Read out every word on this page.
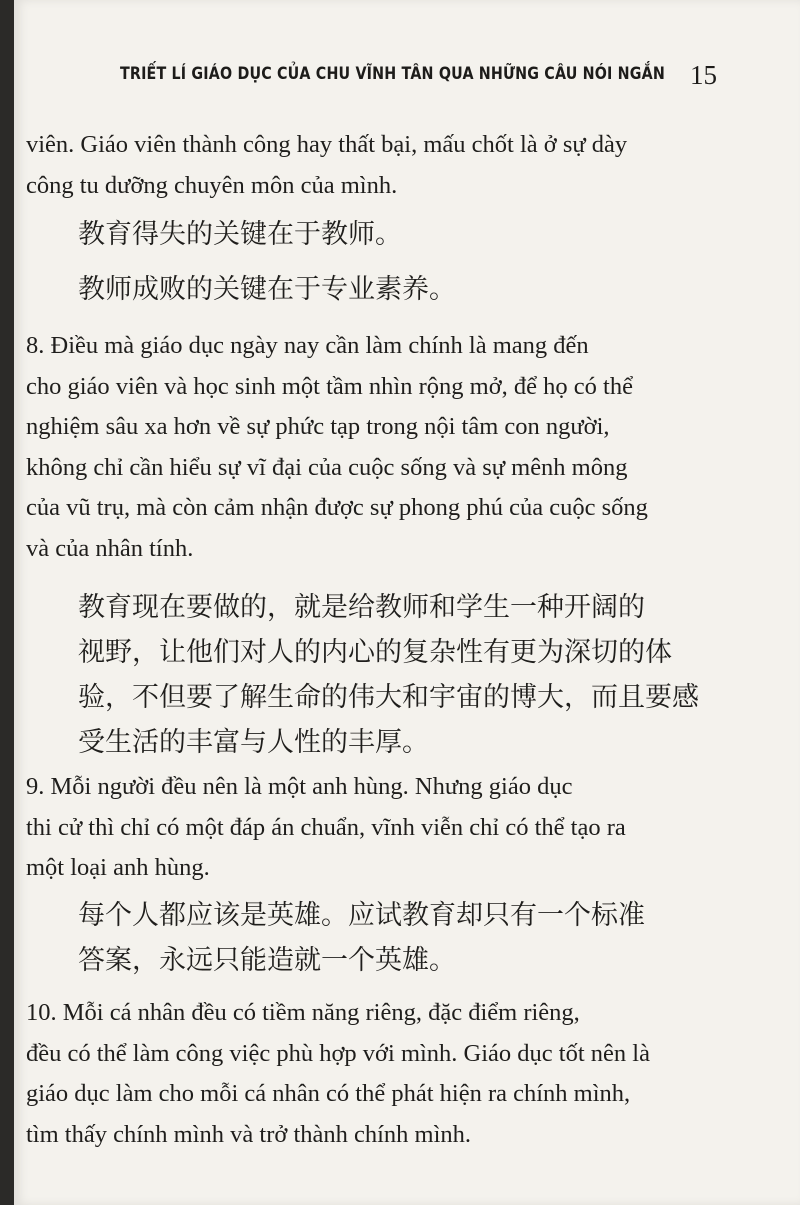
TRIẾT LÍ GIÁO DỤC CỦA CHU VĨNH TÂN QUA NHỮNG CÂU NÓI NGẮN 15

viên. Giáo viên thành công hay thất bại, mấu chốt là ở sự dày
công tu dưỡng chuyên môn của mình.

教育得失的关键在于教师。

教师成败的关键在于专业素养。

8. Điều mà giáo dục ngày nay cần làm chính là mang đến
cho giáo viên và học sinh một tầm nhìn rộng mở, để họ có thể
nghiệm sâu xa hơn về sự phức tạp trong nội tâm con người,
không chỉ cần hiểu sự vĩ đại của cuộc sống và sự mênh mông
của vũ trụ, mà còn cảm nhận được sự phong phú của cuộc sống
và của nhân tính.

教育现在要做的，就是给教师和学生一种开阔的
视野，让他们对人的内心的复杂性有更为深切的体
验，不但要了解生命的伟大和宇宙的博大，而且要感
受生活的丰富与人性的丰厚。

9. Mỗi người đều nên là một anh hùng. Nhưng giáo dục
thi cử thì chỉ có một đáp án chuẩn, vĩnh viễn chỉ có thể tạo ra
một loại anh hùng.

每个人都应该是英雄。应试教育却只有一个标准
答案，永远只能造就一个英雄。

10. Mỗi cá nhân đều có tiềm năng riêng, đặc điểm riêng,
đều có thể làm công việc phù hợp với mình. Giáo dục tốt nên là
giáo dục làm cho mỗi cá nhân có thể phát hiện ra chính mình,
tìm thấy chính mình và trở thành chính mình.
